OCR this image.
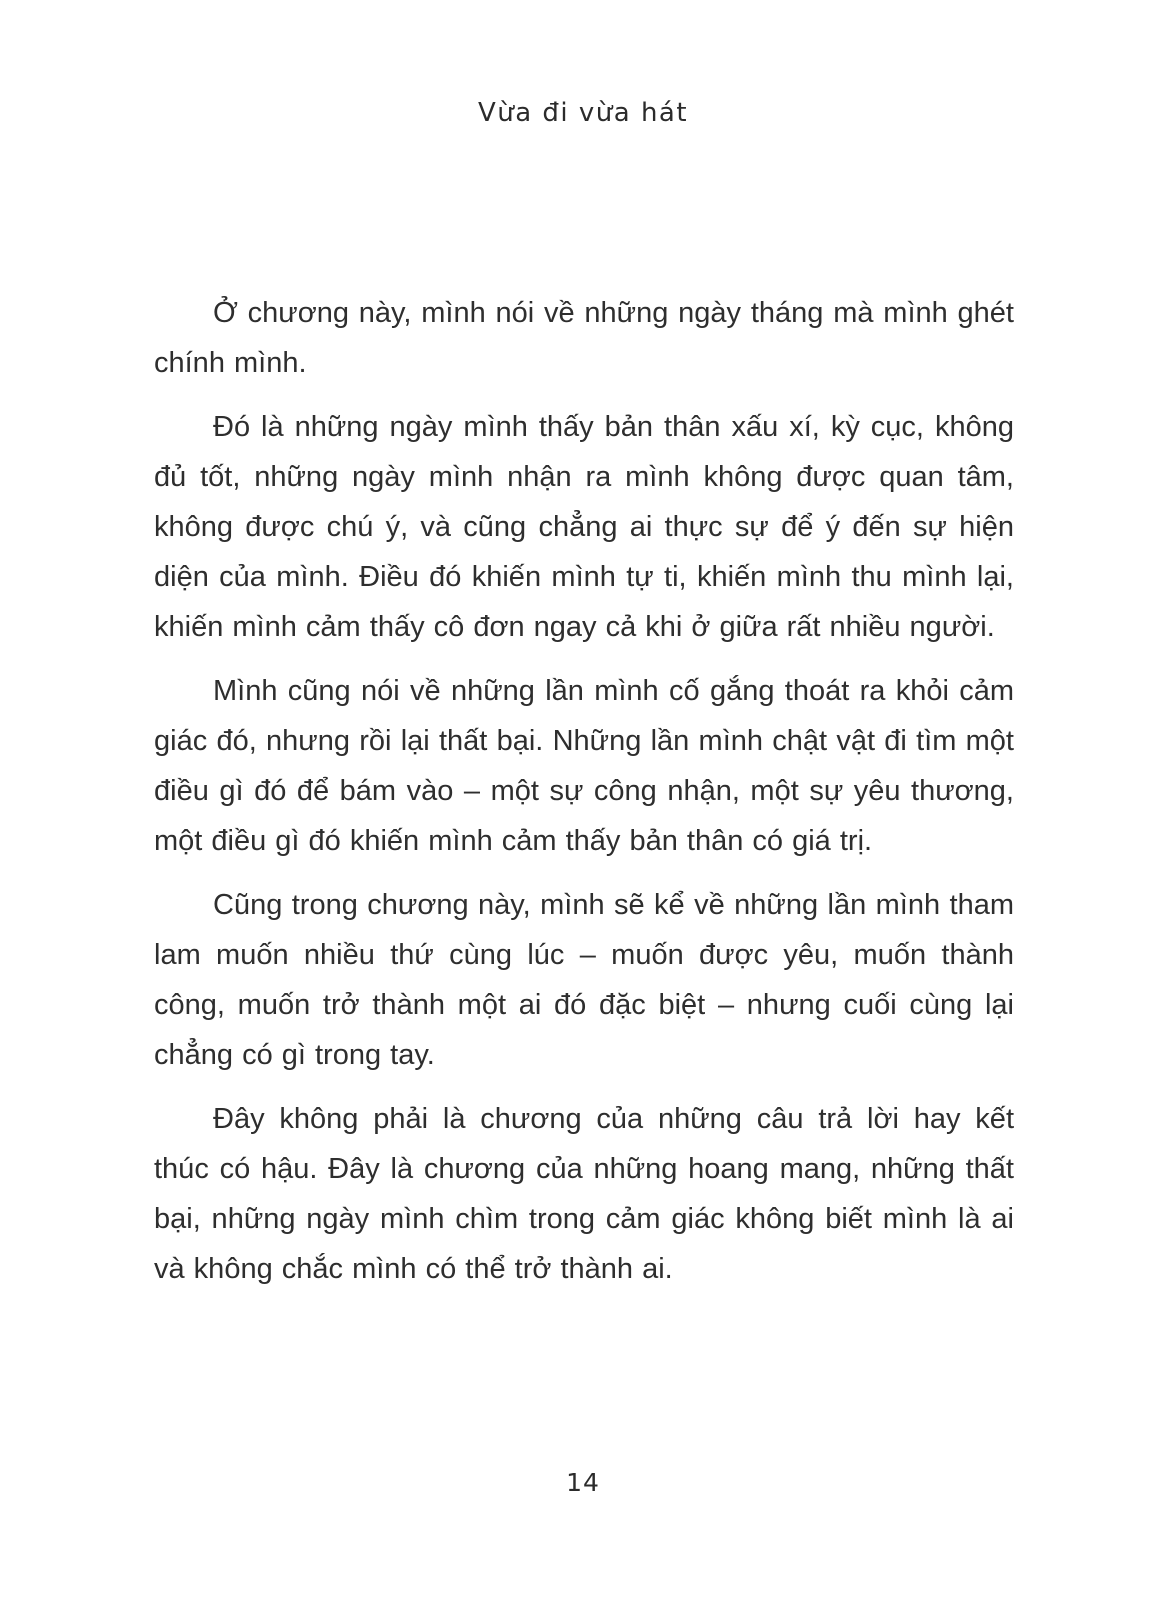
Vừa đi vừa hát

Ở chương này, mình nói về những ngày tháng mà mình ghét chính mình.

Đó là những ngày mình thấy bản thân xấu xí, kỳ cục, không đủ tốt, những ngày mình nhận ra mình không được quan tâm, không được chú ý, và cũng chẳng ai thực sự để ý đến sự hiện diện của mình. Điều đó khiến mình tự ti, khiến mình thu mình lại, khiến mình cảm thấy cô đơn ngay cả khi ở giữa rất nhiều người.

Mình cũng nói về những lần mình cố gắng thoát ra khỏi cảm giác đó, nhưng rồi lại thất bại. Những lần mình chật vật đi tìm một điều gì đó để bám vào – một sự công nhận, một sự yêu thương, một điều gì đó khiến mình cảm thấy bản thân có giá trị.

Cũng trong chương này, mình sẽ kể về những lần mình tham lam muốn nhiều thứ cùng lúc – muốn được yêu, muốn thành công, muốn trở thành một ai đó đặc biệt – nhưng cuối cùng lại chẳng có gì trong tay.

Đây không phải là chương của những câu trả lời hay kết thúc có hậu. Đây là chương của những hoang mang, những thất bại, những ngày mình chìm trong cảm giác không biết mình là ai và không chắc mình có thể trở thành ai.

14
